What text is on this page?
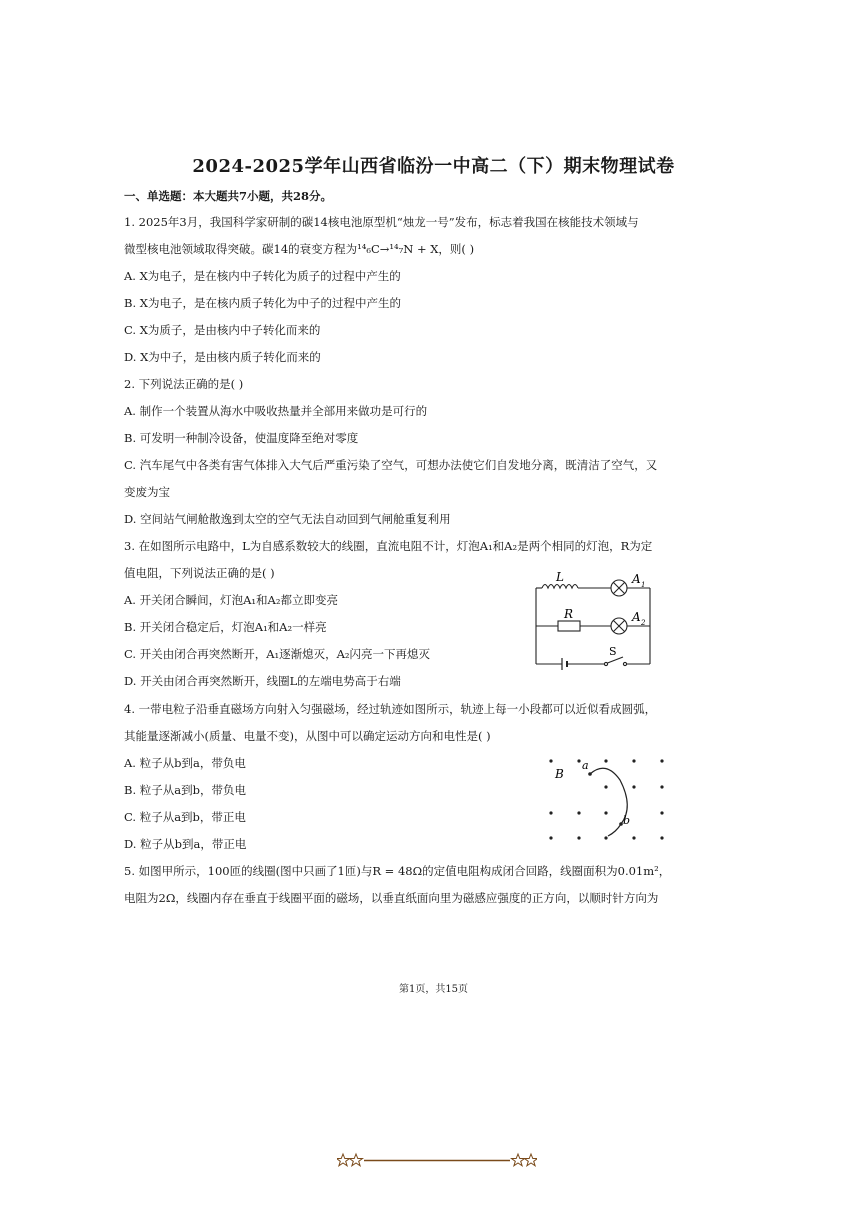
2024-2025学年山西省临汾一中高二（下）期末物理试卷
一、单选题：本大题共7小题，共28分。
1. 2025年3月，我国科学家研制的碳14核电池原型机“烛龙一号”发布，标志着我国在核能技术领域与
微型核电池领域取得突破。碳14的衰变方程为¹⁴₆C→¹⁴₇N + X，则( )
A. X为电子，是在核内中子转化为质子的过程中产生的
B. X为电子，是在核内质子转化为中子的过程中产生的
C. X为质子，是由核内中子转化而来的
D. X为中子，是由核内质子转化而来的
2. 下列说法正确的是( )
A. 制作一个装置从海水中吸收热量并全部用来做功是可行的
B. 可发明一种制冷设备，使温度降至绝对零度
C. 汽车尾气中各类有害气体排入大气后严重污染了空气，可想办法使它们自发地分离，既清洁了空气，又
变废为宝
D. 空间站气闸舱散逸到太空的空气无法自动回到气闸舱重复利用
3. 在如图所示电路中，L为自感系数较大的线圈，直流电阻不计，灯泡A₁和A₂是两个相同的灯泡，R为定
值电阻，下列说法正确的是( )
A. 开关闭合瞬间，灯泡A₁和A₂都立即变亮
B. 开关闭合稳定后，灯泡A₁和A₂一样亮
C. 开关由闭合再突然断开，A₁逐渐熄灭，A₂闪亮一下再熄灭
D. 开关由闭合再突然断开，线圈L的左端电势高于右端
L
R
A 1
A 2
S
4. 一带电粒子沿垂直磁场方向射入匀强磁场，经过轨迹如图所示，轨迹上每一小段都可以近似看成圆弧，
其能量逐渐减小(质量、电量不变)，从图中可以确定运动方向和电性是( )
A. 粒子从b到a，带负电
B. 粒子从a到b，带负电
C. 粒子从a到b，带正电
D. 粒子从b到a，带正电
B
a
b
5. 如图甲所示，100匝的线圈(图中只画了1匝)与R = 48Ω的定值电阻构成闭合回路，线圈面积为0.01m²，
电阻为2Ω，线圈内存在垂直于线圈平面的磁场，以垂直纸面向里为磁感应强度的正方向，以顺时针方向为
第1页，共15页
